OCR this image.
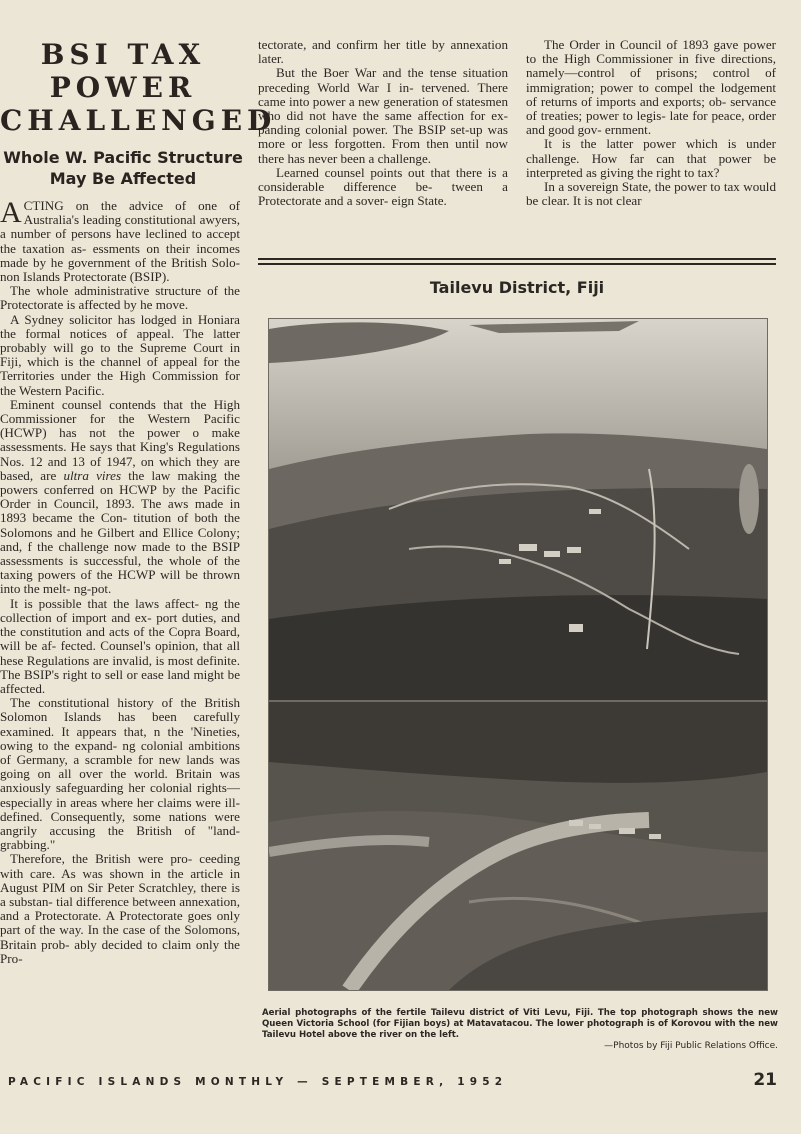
BSI TAX POWER
CHALLENGED
Whole W. Pacific Structure May Be Affected

ACTING on the advice of one of Australia's leading constitutional awyers, a number of persons have leclined to accept the taxation as- essments on their incomes made by he government of the British Solo- non Islands Protectorate (BSIP).

The whole administrative structure of the Protectorate is affected by he move.

A Sydney solicitor has lodged in Honiara the formal notices of appeal. The latter probably will go to the Supreme Court in Fiji, which is the channel of appeal for the Territories under the High Commission for the Western Pacific.

Eminent counsel contends that the High Commissioner for the Western Pacific (HCWP) has not the power o make assessments. He says that King's Regulations Nos. 12 and 13 of 1947, on which they are based, are ultra vires the law making the powers conferred on HCWP by the Pacific Order in Council, 1893. The aws made in 1893 became the Con- titution of both the Solomons and he Gilbert and Ellice Colony; and, f the challenge now made to the BSIP assessments is successful, the whole of the taxing powers of the HCWP will be thrown into the melt- ng-pot.

It is possible that the laws affect- ng the collection of import and ex- port duties, and the constitution and acts of the Copra Board, will be af- fected. Counsel's opinion, that all hese Regulations are invalid, is most definite. The BSIP's right to sell or ease land might be affected.

The constitutional history of the British Solomon Islands has been carefully examined. It appears that, n the 'Nineties, owing to the expand- ng colonial ambitions of Germany, a scramble for new lands was going on all over the world. Britain was anxiously safeguarding her colonial rights—especially in areas where her claims were ill-defined. Consequently, some nations were angrily accusing the British of "land-grabbing."

Therefore, the British were pro- ceeding with care. As was shown in the article in August PIM on Sir Peter Scratchley, there is a substan- tial difference between annexation, and a Protectorate. A Protectorate goes only part of the way. In the case of the Solomons, Britain prob- ably decided to claim only the Pro-

tectorate, and confirm her title by annexation later.

But the Boer War and the tense situation preceding World War I in- tervened. There came into power a new generation of statesmen who did not have the same affection for ex- panding colonial power. The BSIP set-up was more or less forgotten. From then until now there has never been a challenge.

Learned counsel points out that there is a considerable difference be- tween a Protectorate and a sover- eign State.

The Order in Council of 1893 gave power to the High Commissioner in five directions, namely—control of prisons; control of immigration; power to compel the lodgement of returns of imports and exports; ob- servance of treaties; power to legis- late for peace, order and good gov- ernment.

It is the latter power which is under challenge. How far can that power be interpreted as giving the right to tax?

In a sovereign State, the power to tax would be clear. It is not clear

Tailevu District, Fiji
Aerial photographs of the fertile Tailevu district of Viti Levu, Fiji. The top photograph shows the new Queen Victoria School (for Fijian boys) at Matavatacou. The lower photograph is of Korovou with the new Tailevu Hotel above the river on the left.
—Photos by Fiji Public Relations Office.
PACIFIC ISLANDS MONTHLY — SEPTEMBER, 1952	21
